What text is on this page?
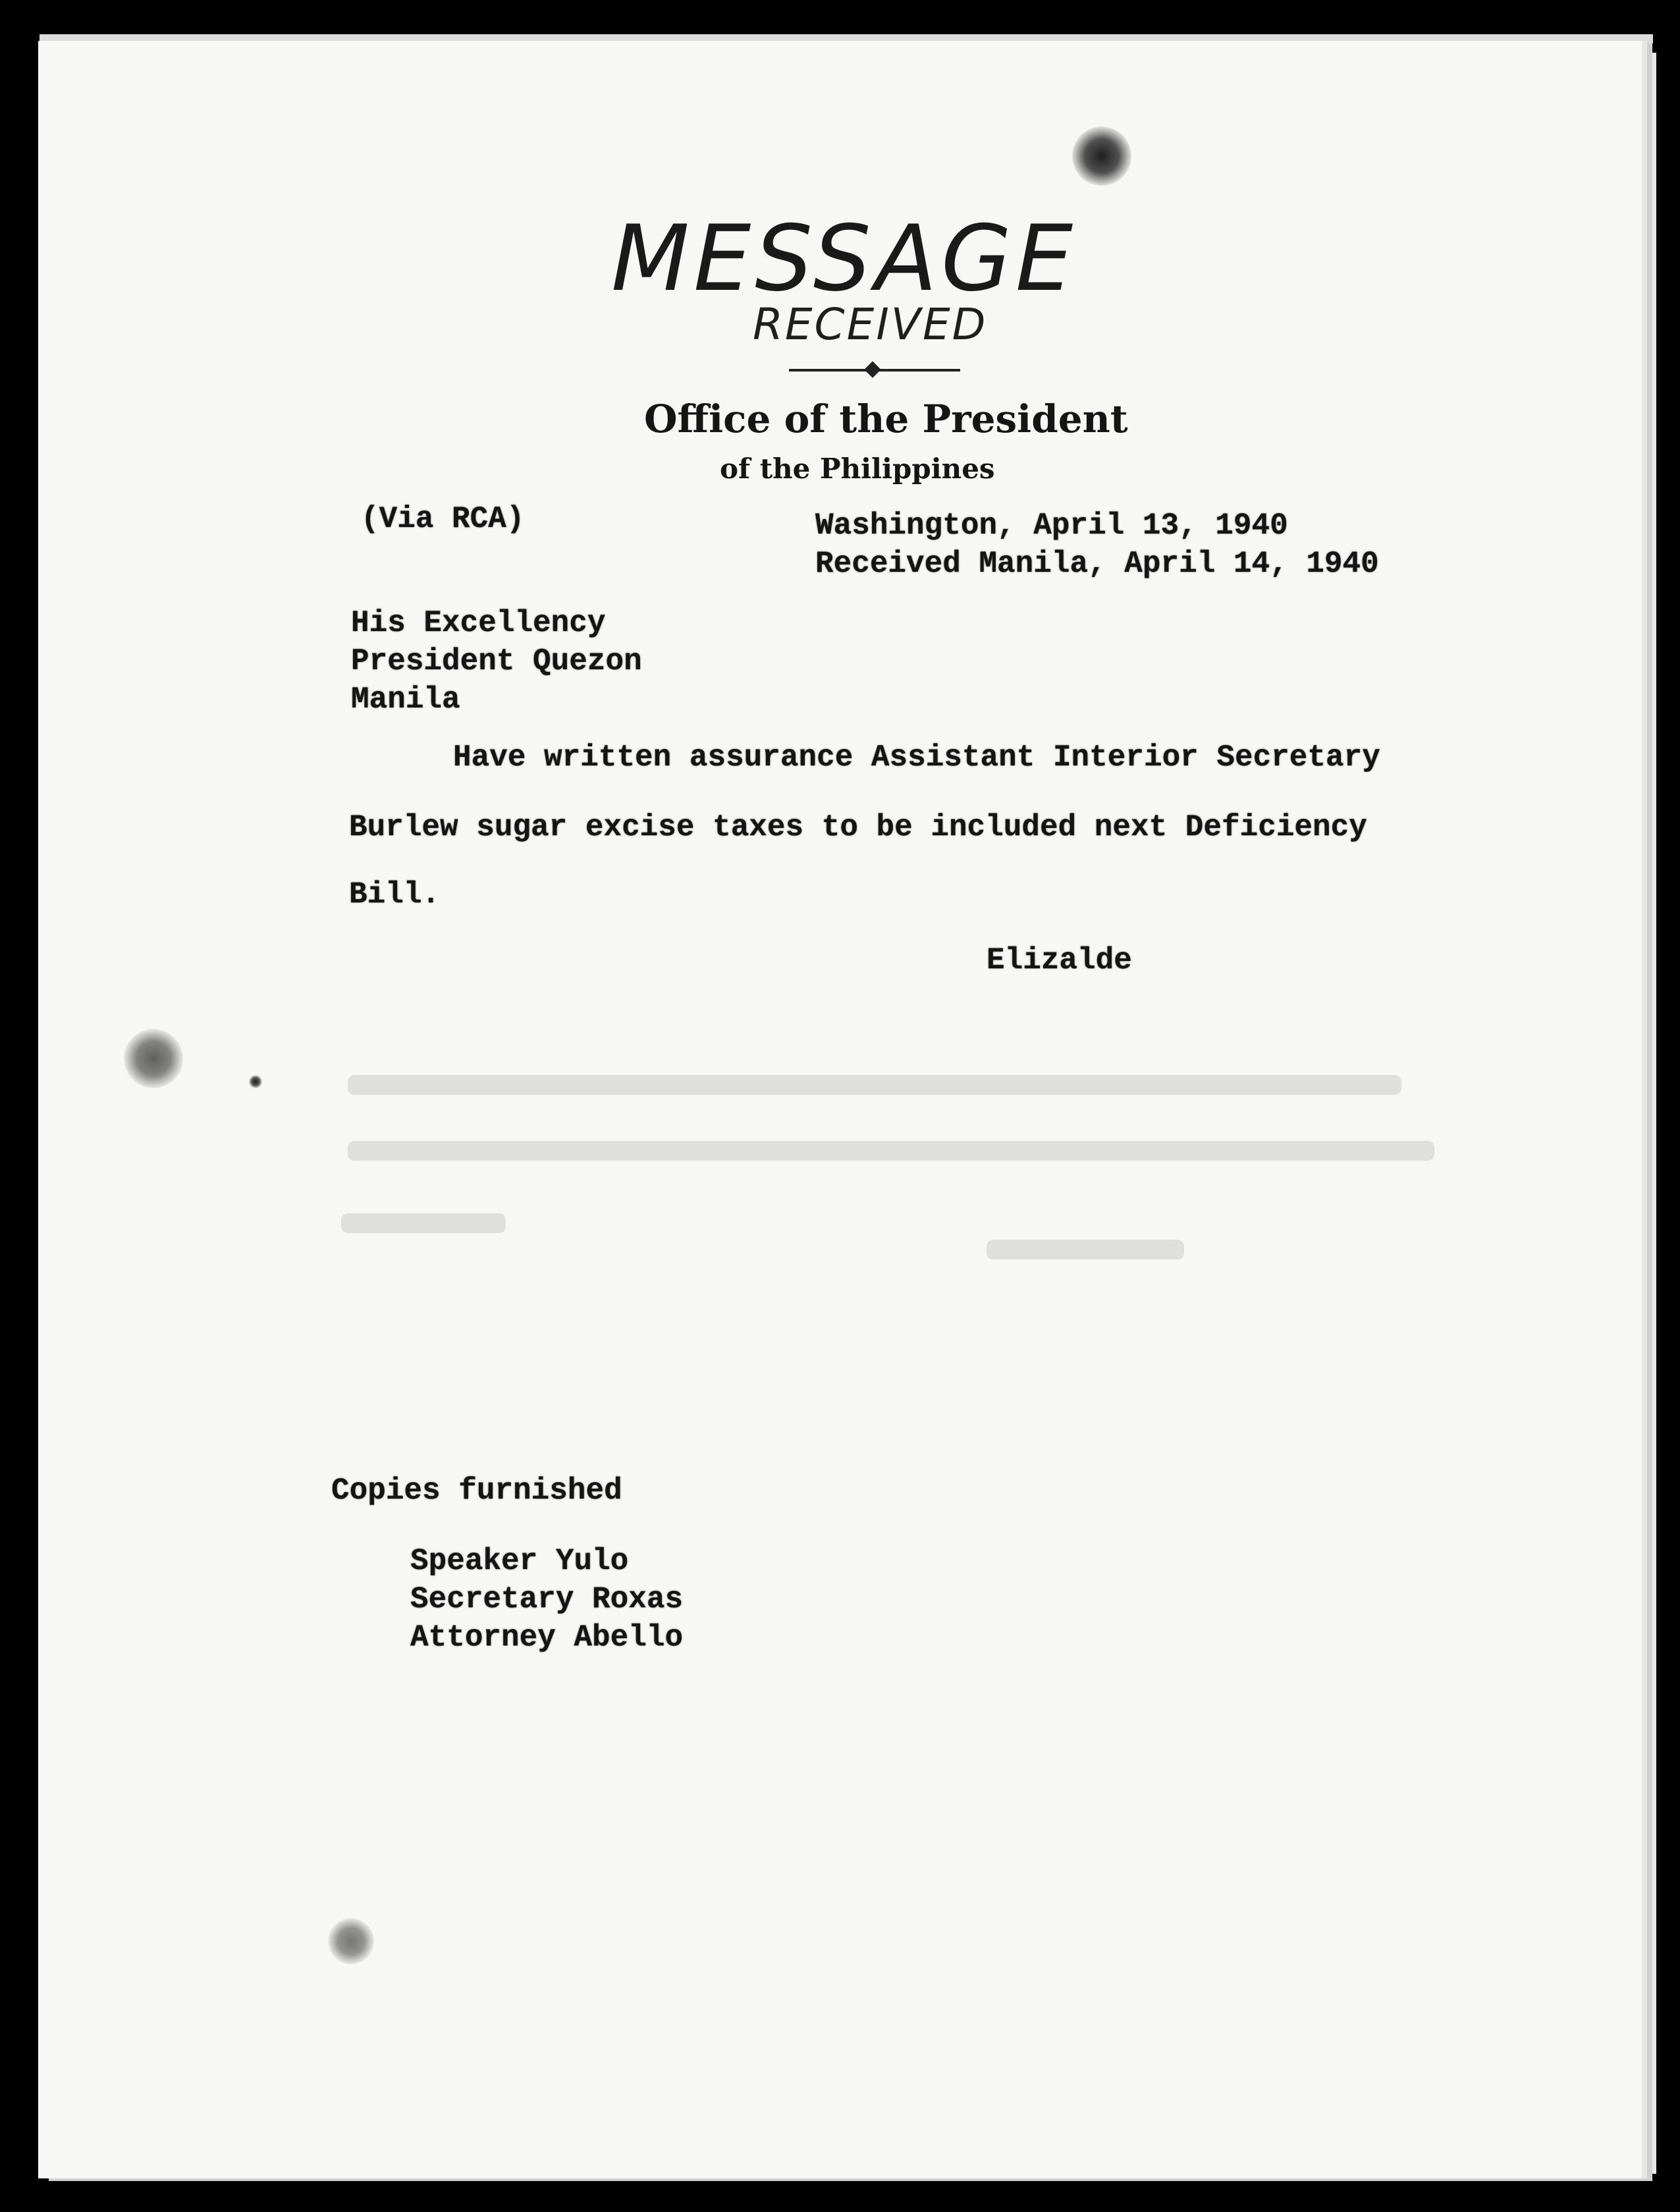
MESSAGE
RECEIVED
Office of the President
of the Philippines
(Via RCA)	Washington, April 13, 1940
Received Manila, April 14, 1940
His Excellency
President Quezon
Manila
Have written assurance Assistant Interior Secretary
Burlew sugar excise taxes to be included next Deficiency
Bill.
Elizalde
Copies furnished
Speaker Yulo
Secretary Roxas
Attorney Abello
